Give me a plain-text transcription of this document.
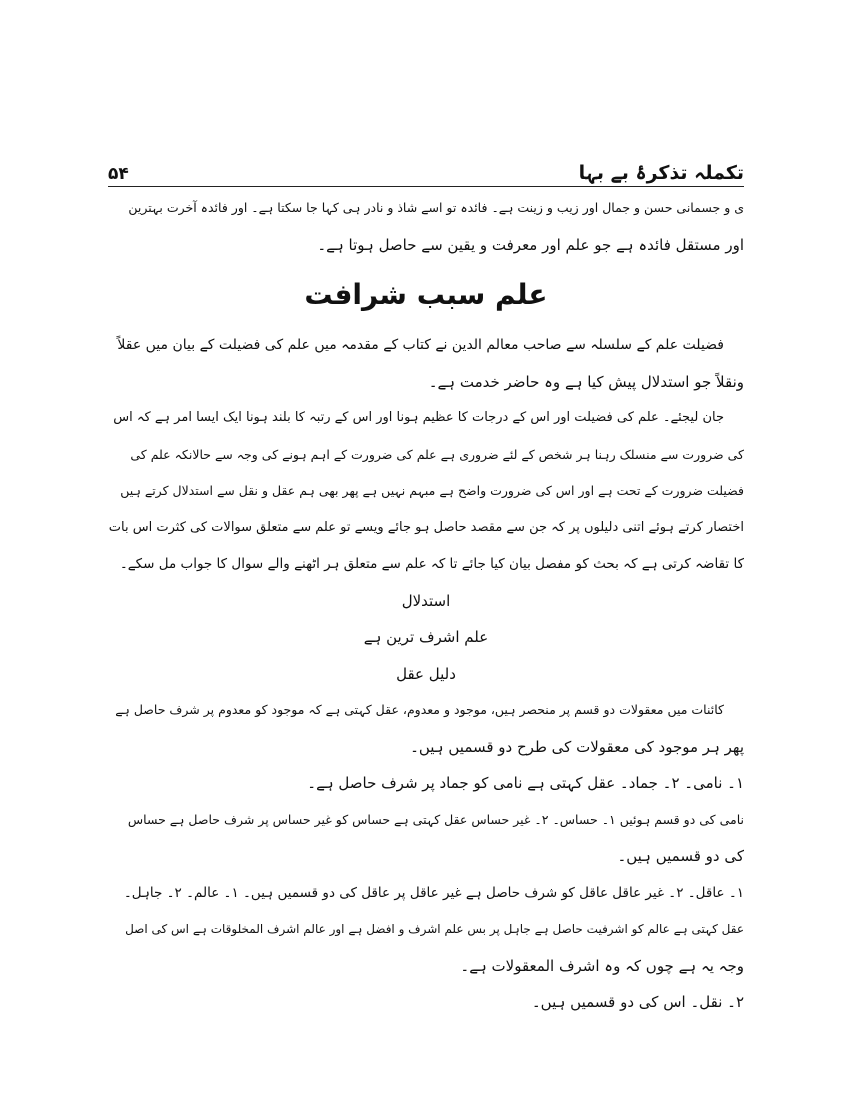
۵۴	تکملہ تذکرۂ بے بہا
ی و جسمانی حسن و جمال اور زیب و زینت ہے۔ فائدہ تو اسے شاذ و نادر ہی کہا جا سکتا ہے۔ اور فائدہ آخرت بہترین
اور مستقل فائدہ ہے جو علم اور معرفت و یقین سے حاصل ہوتا ہے۔
علم سبب شرافت
فضیلت علم کے سلسلہ سے صاحب معالم الدین نے کتاب کے مقدمہ میں علم کی فضیلت کے بیان میں عقلاً
ونقلاً جو استدلال پیش کیا ہے وہ حاضر خدمت ہے۔
جان لیجئے۔ علم کی فضیلت اور اس کے درجات کا عظیم ہونا اور اس کے رتبہ کا بلند ہونا ایک ایسا امر ہے کہ اس
کی ضرورت سے منسلک رہنا ہر شخص کے لئے ضروری ہے علم کی ضرورت کے اہم ہونے کی وجہ سے حالانکہ علم کی
فضیلت ضرورت کے تحت ہے اور اس کی ضرورت واضح ہے مبہم نہیں ہے پھر بھی ہم عقل و نقل سے استدلال کرتے ہیں
اختصار کرتے ہوئے اتنی دلیلوں پر کہ جن سے مقصد حاصل ہو جائے ویسے تو علم سے متعلق سوالات کی کثرت اس بات
کا تقاضہ کرتی ہے کہ بحث کو مفصل بیان کیا جائے تا کہ علم سے متعلق ہر اٹھنے والے سوال کا جواب مل سکے۔
استدلال
علم اشرف ترین ہے
دلیل عقل
کائنات میں معقولات دو قسم پر منحصر ہیں، موجود و معدوم، عقل کہتی ہے کہ موجود کو معدوم پر شرف حاصل ہے
پھر ہر موجود کی معقولات کی طرح دو قسمیں ہیں۔
۱۔ نامی۔ ۲۔ جماد۔ عقل کہتی ہے نامی کو جماد پر شرف حاصل ہے۔
نامی کی دو قسم ہوئیں ۱۔ حساس۔ ۲۔ غیر حساس عقل کہتی ہے حساس کو غیر حساس پر شرف حاصل ہے حساس
کی دو قسمیں ہیں۔
۱۔ عاقل۔ ۲۔ غیر عاقل عاقل کو شرف حاصل ہے غیر عاقل پر عاقل کی دو قسمیں ہیں۔ ۱۔ عالم۔ ۲۔ جاہل۔
عقل کہتی ہے عالم کو اشرفیت حاصل ہے جاہل پر بس علم اشرف و افضل ہے اور عالم اشرف المخلوقات ہے اس کی اصل
وجہ یہ ہے چوں کہ وہ اشرف المعقولات ہے۔
۲۔ نقل۔ اس کی دو قسمیں ہیں۔
